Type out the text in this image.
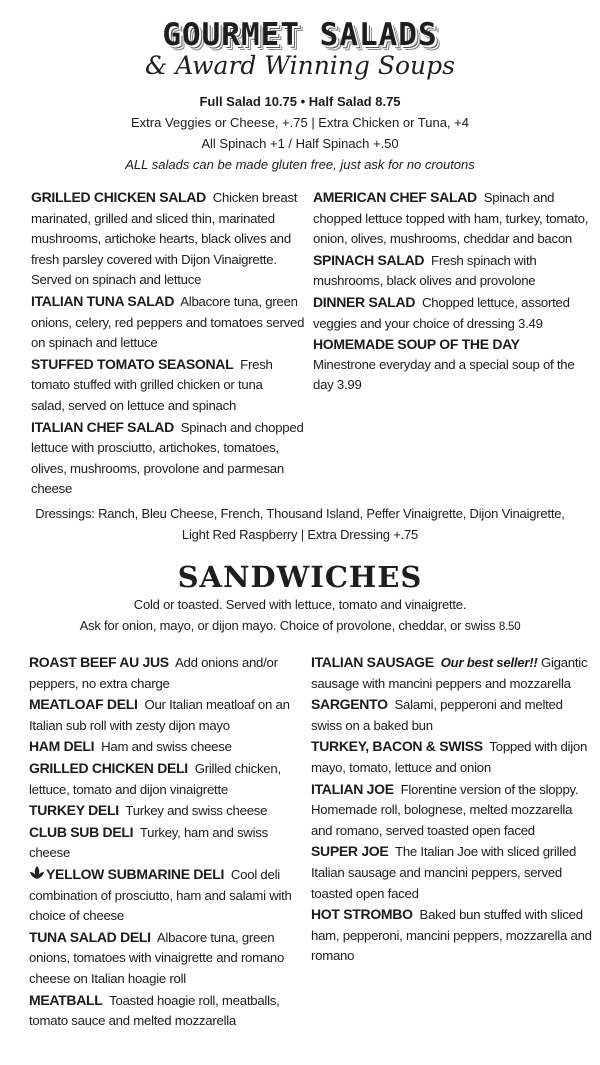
GOURMET SALADS
& Award Winning Soups
Full Salad 10.75 • Half Salad 8.75
Extra Veggies or Cheese, +.75 | Extra Chicken or Tuna, +4
All Spinach +1 / Half Spinach +.50
ALL salads can be made gluten free, just ask for no croutons
GRILLED CHICKEN SALAD Chicken breast marinated, grilled and sliced thin, marinated mushrooms, artichoke hearts, black olives and fresh parsley covered with Dijon Vinaigrette. Served on spinach and lettuce
ITALIAN TUNA SALAD Albacore tuna, green onions, celery, red peppers and tomatoes served on spinach and lettuce
STUFFED TOMATO SEASONAL Fresh tomato stuffed with grilled chicken or tuna salad, served on lettuce and spinach
ITALIAN CHEF SALAD Spinach and chopped lettuce with prosciutto, artichokes, tomatoes, olives, mushrooms, provolone and parmesan cheese
AMERICAN CHEF SALAD Spinach and chopped lettuce topped with ham, turkey, tomato, onion, olives, mushrooms, cheddar and bacon
SPINACH SALAD Fresh spinach with mushrooms, black olives and provolone
DINNER SALAD Chopped lettuce, assorted veggies and your choice of dressing 3.49
HOMEMADE SOUP OF THE DAY
Minestrone everyday and a special soup of the day 3.99
Dressings: Ranch, Bleu Cheese, French, Thousand Island, Peffer Vinaigrette, Dijon Vinaigrette,
Light Red Raspberry | Extra Dressing +.75
SANDWICHES
Cold or toasted. Served with lettuce, tomato and vinaigrette.
Ask for onion, mayo, or dijon mayo. Choice of provolone, cheddar, or swiss 8.50
ROAST BEEF AU JUS Add onions and/or peppers, no extra charge
MEATLOAF DELI Our Italian meatloaf on an Italian sub roll with zesty dijon mayo
HAM DELI Ham and swiss cheese
GRILLED CHICKEN DELI Grilled chicken, lettuce, tomato and dijon vinaigrette
TURKEY DELI Turkey and swiss cheese
CLUB SUB DELI Turkey, ham and swiss cheese
YELLOW SUBMARINE DELI Cool deli combination of prosciutto, ham and salami with choice of cheese
TUNA SALAD DELI Albacore tuna, green onions, tomatoes with vinaigrette and romano cheese on Italian hoagie roll
MEATBALL Toasted hoagie roll, meatballs, tomato sauce and melted mozzarella
ITALIAN SAUSAGE Our best seller!! Gigantic sausage with mancini peppers and mozzarella
SARGENTO Salami, pepperoni and melted swiss on a baked bun
TURKEY, BACON & SWISS Topped with dijon mayo, tomato, lettuce and onion
ITALIAN JOE Florentine version of the sloppy. Homemade roll, bolognese, melted mozzarella and romano, served toasted open faced
SUPER JOE The Italian Joe with sliced grilled Italian sausage and mancini peppers, served toasted open faced
HOT STROMBO Baked bun stuffed with sliced ham, pepperoni, mancini peppers, mozzarella and romano
